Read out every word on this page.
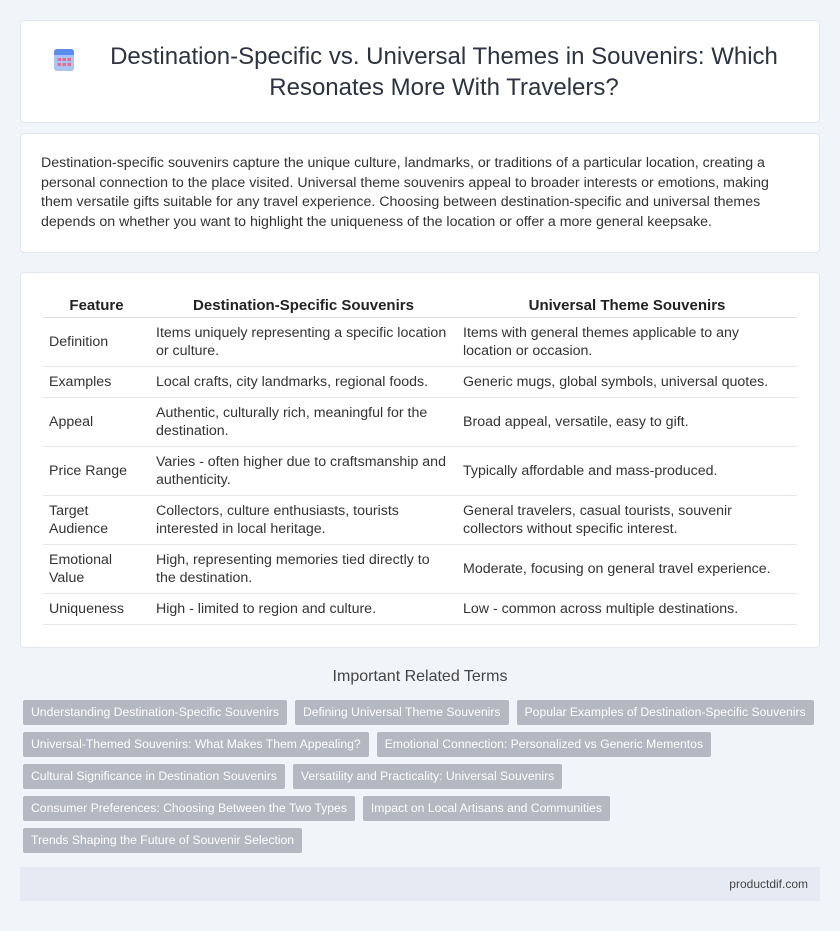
Destination-Specific vs. Universal Themes in Souvenirs: Which Resonates More With Travelers?

Destination-specific souvenirs capture the unique culture, landmarks, or traditions of a particular location, creating a personal connection to the place visited. Universal theme souvenirs appeal to broader interests or emotions, making them versatile gifts suitable for any travel experience. Choosing between destination-specific and universal themes depends on whether you want to highlight the uniqueness of the location or offer a more general keepsake.

Feature	Destination-Specific Souvenirs	Universal Theme Souvenirs
Definition	Items uniquely representing a specific location or culture.	Items with general themes applicable to any location or occasion.
Examples	Local crafts, city landmarks, regional foods.	Generic mugs, global symbols, universal quotes.
Appeal	Authentic, culturally rich, meaningful for the destination.	Broad appeal, versatile, easy to gift.
Price Range	Varies - often higher due to craftsmanship and authenticity.	Typically affordable and mass-produced.
Target Audience	Collectors, culture enthusiasts, tourists interested in local heritage.	General travelers, casual tourists, souvenir collectors without specific interest.
Emotional Value	High, representing memories tied directly to the destination.	Moderate, focusing on general travel experience.
Uniqueness	High - limited to region and culture.	Low - common across multiple destinations.
Important Related Terms
Understanding Destination-Specific Souvenirs	Defining Universal Theme Souvenirs	Popular Examples of Destination-Specific Souvenirs
Universal-Themed Souvenirs: What Makes Them Appealing?	Emotional Connection: Personalized vs Generic Mementos
Cultural Significance in Destination Souvenirs	Versatility and Practicality: Universal Souvenirs
Consumer Preferences: Choosing Between the Two Types	Impact on Local Artisans and Communities
Trends Shaping the Future of Souvenir Selection
productdif.com
